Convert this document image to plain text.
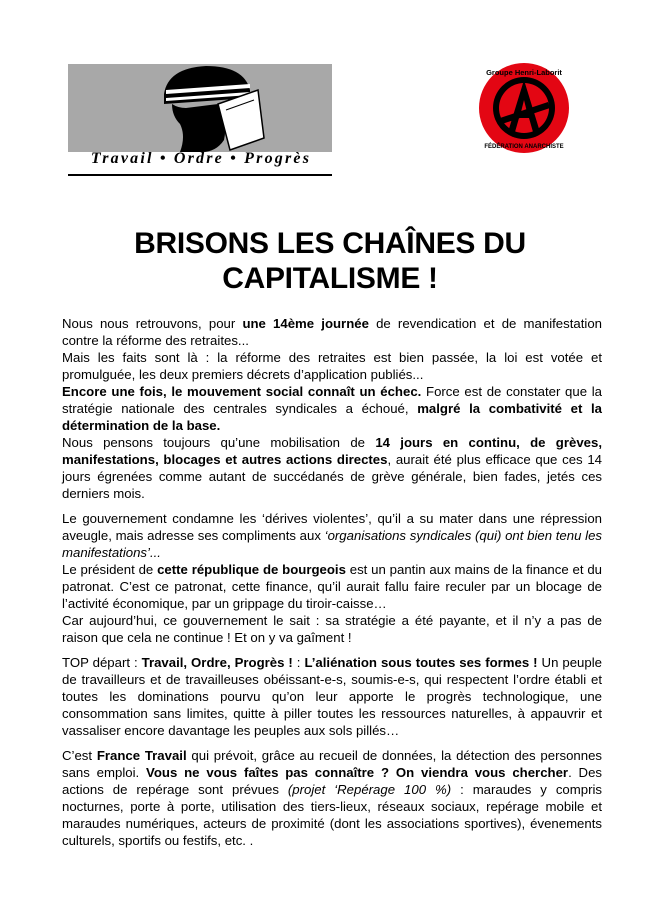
Travail • Ordre • Progrès
Groupe Henri-Laborit
FÉDÉRATION ANARCHISTE
BRISONS LES CHAÎNES DU
CAPITALISME !

Nous nous retrouvons, pour une 14ème journée de revendication et de manifestation contre la réforme des retraites...

Mais les faits sont là : la réforme des retraites est bien passée, la loi est votée et promulguée, les deux premiers décrets d’application publiés...

Encore une fois, le mouvement social connaît un échec. Force est de constater que la stratégie nationale des centrales syndicales a échoué, malgré la combativité et la détermination de la base.

Nous pensons toujours qu’une mobilisation de 14 jours en continu, de grèves, manifestations, blocages et autres actions directes, aurait été plus efficace que ces 14 jours égrenées comme autant de succédanés de grève générale, bien fades, jetés ces derniers mois.

Le gouvernement condamne les ‘dérives violentes’, qu’il a su mater dans une répression aveugle, mais adresse ses compliments aux ‘organisations syndicales (qui) ont bien tenu les manifestations’...

Le président de cette république de bourgeois est un pantin aux mains de la finance et du patronat. C’est ce patronat, cette finance, qu’il aurait fallu faire reculer par un blocage de l’activité économique, par un grippage du tiroir-caisse…

Car aujourd’hui, ce gouvernement le sait : sa stratégie a été payante, et il n’y a pas de raison que cela ne continue ! Et on y va gaîment !

TOP départ : Travail, Ordre, Progrès ! : L’aliénation sous toutes ses formes ! Un peuple de travailleurs et de travailleuses obéissant-e-s, soumis-e-s, qui respectent l’ordre établi et toutes les dominations pourvu qu’on leur apporte le progrès technologique, une consommation sans limites, quitte à piller toutes les ressources naturelles, à appauvrir et vassaliser encore davantage les peuples aux sols pillés…

C’est France Travail qui prévoit, grâce au recueil de données, la détection des personnes sans emploi. Vous ne vous faîtes pas connaître ? On viendra vous chercher. Des actions de repérage sont prévues (projet ‘Repérage 100 %) : maraudes y compris nocturnes, porte à porte, utilisation des tiers-lieux, réseaux sociaux, repérage mobile et maraudes numériques, acteurs de proximité (dont les associations sportives), évenements culturels, sportifs ou festifs, etc. .
